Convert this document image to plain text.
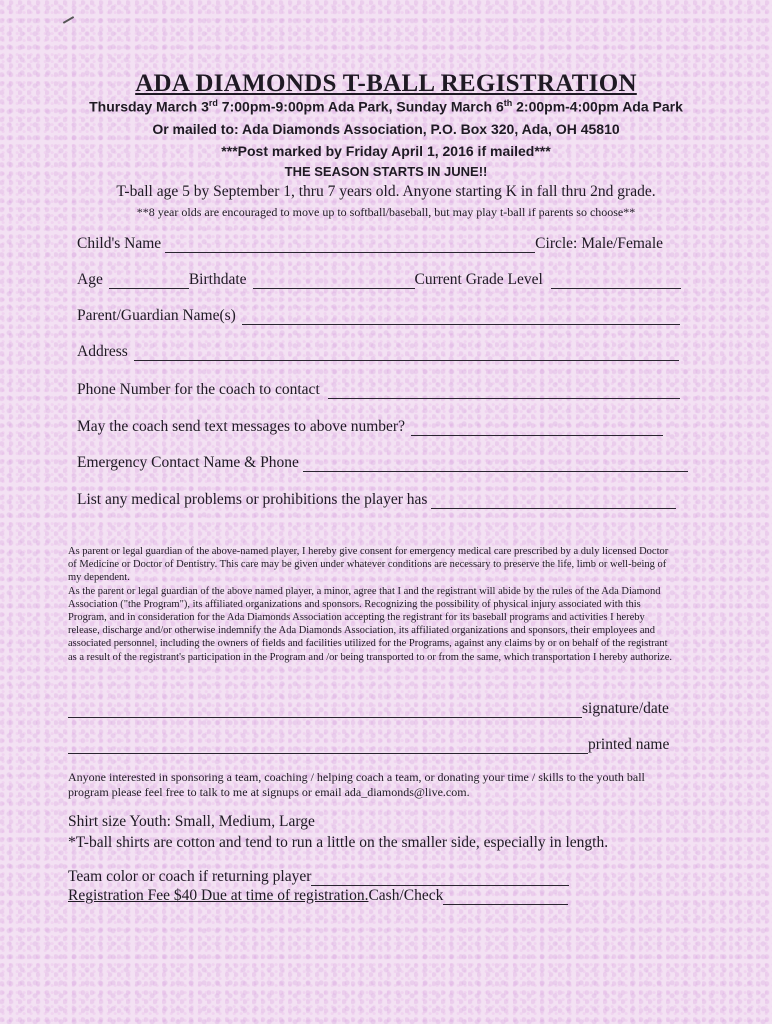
ADA DIAMONDS T-BALL REGISTRATION
Thursday March 3rd 7:00pm-9:00pm Ada Park, Sunday March 6th 2:00pm-4:00pm Ada Park
Or mailed to: Ada Diamonds Association, P.O. Box 320, Ada, OH 45810
***Post marked by Friday April 1, 2016 if mailed***
THE SEASON STARTS IN JUNE!!
T-ball age 5 by September 1, thru 7 years old. Anyone starting K in fall thru 2nd grade.
**8 year olds are encouraged to move up to softball/baseball, but may play t-ball if parents so choose**
Child's Name	Circle: Male/Female
Age	Birthdate	Current Grade Level
Parent/Guardian Name(s)
Address
Phone Number for the coach to contact
May the coach send text messages to above number?
Emergency Contact Name & Phone
List any medical problems or prohibitions the player has

As parent or legal guardian of the above-named player, I hereby give consent for emergency medical care prescribed by a duly licensed Doctor of Medicine or Doctor of Dentistry. This care may be given under whatever conditions are necessary to preserve the life, limb or well-being of my dependent.

As the parent or legal guardian of the above named player, a minor, agree that I and the registrant will abide by the rules of the Ada Diamond Association ("the Program"), its affiliated organizations and sponsors. Recognizing the possibility of physical injury associated with this Program, and in consideration for the Ada Diamonds Association accepting the registrant for its baseball programs and activities I hereby release, discharge and/or otherwise indemnify the Ada Diamonds Association, its affiliated organizations and sponsors, their employees and associated personnel, including the owners of fields and facilities utilized for the Programs, against any claims by or on behalf of the registrant as a result of the registrant's participation in the Program and /or being transported to or from the same, which transportation I hereby authorize.

signature/date
printed name
Anyone interested in sponsoring a team, coaching / helping coach a team, or donating your time / skills to the youth ball program please feel free to talk to me at signups or email ada_diamonds@live.com.
Shirt size Youth: Small, Medium, Large
*T-ball shirts are cotton and tend to run a little on the smaller side, especially in length.
Team color or coach if returning player
Registration Fee $40 Due at time of registration. Cash/Check
